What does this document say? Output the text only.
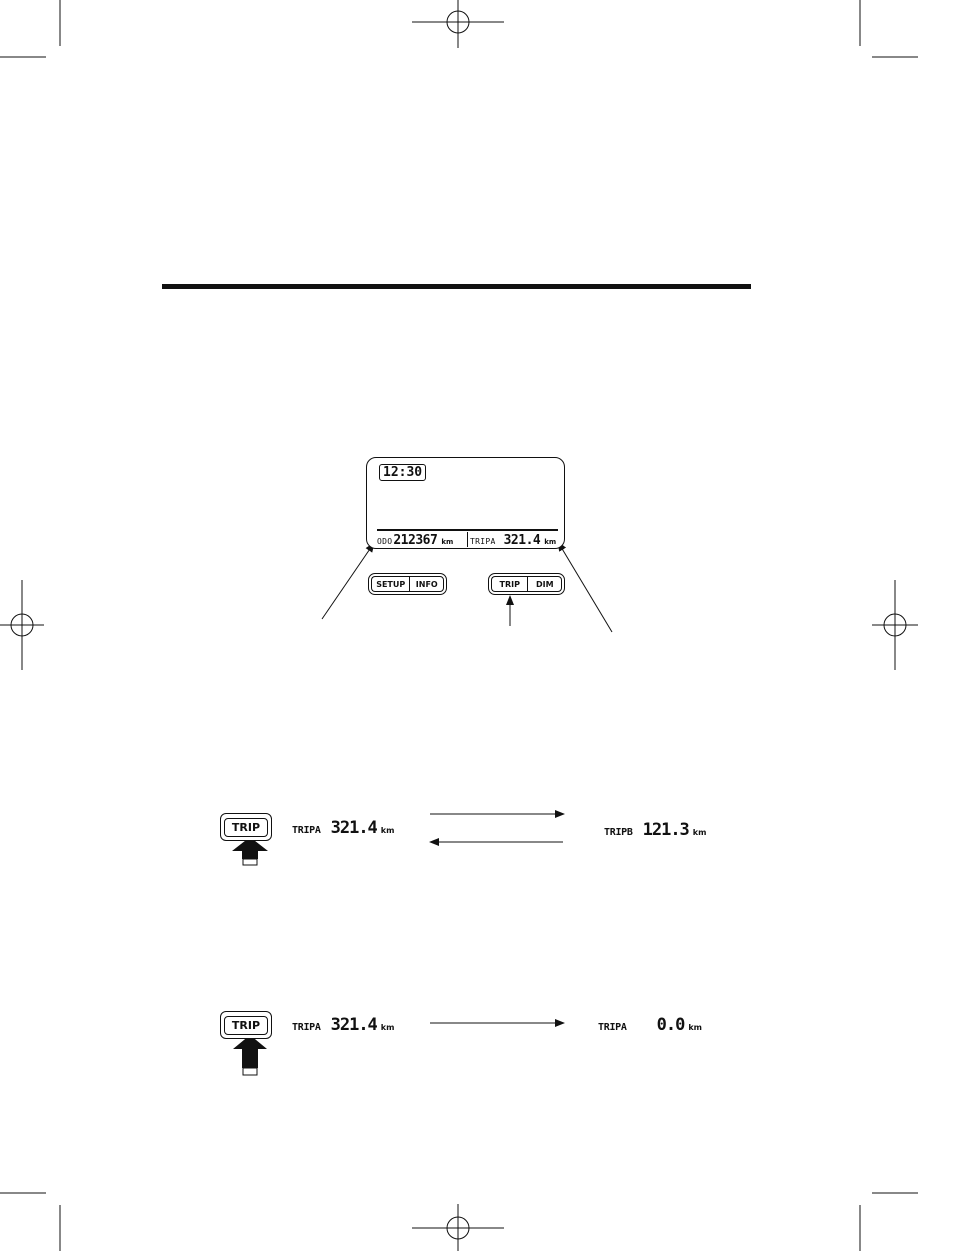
12:30
ODO 212367 km TRIPA 321.4 km
SETUP	INFO	TRIP	DIM
TRIP	TRIPA 321.4 km	TRIPB 121.3 km
TRIP	TRIPA 321.4 km	TRIPA 0.0 km
